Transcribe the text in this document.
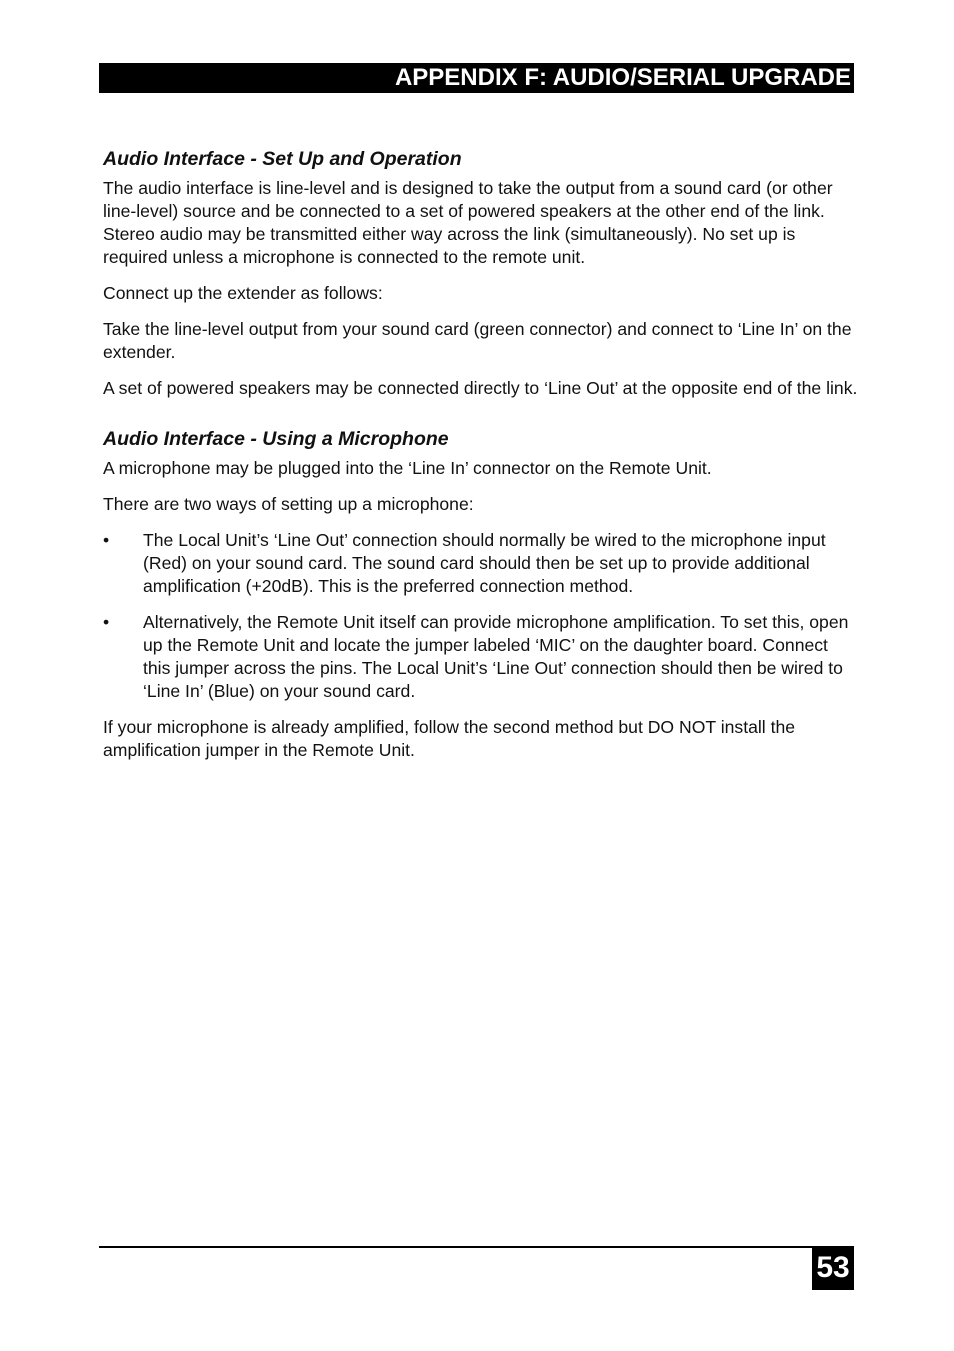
APPENDIX F: AUDIO/SERIAL UPGRADE
Audio Interface - Set Up and Operation

The audio interface is line-level and is designed to take the output from a sound card (or other line-level) source and be connected to a set of powered speakers at the other end of the link. Stereo audio may be transmitted either way across the link (simultaneously). No set up is required unless a microphone is connected to the remote unit.

Connect up the extender as follows:

Take the line-level output from your sound card (green connector) and connect to ‘Line In’ on the extender.

A set of powered speakers may be connected directly to ‘Line Out’ at the opposite end of the link.

Audio Interface - Using a Microphone

A microphone may be plugged into the ‘Line In’ connector on the Remote Unit.

There are two ways of setting up a microphone:

• The Local Unit’s ‘Line Out’ connection should normally be wired to the microphone input (Red) on your sound card. The sound card should then be set up to provide additional amplification (+20dB). This is the preferred connection method.
• Alternatively, the Remote Unit itself can provide microphone amplification. To set this, open up the Remote Unit and locate the jumper labeled ‘MIC’ on the daughter board. Connect this jumper across the pins. The Local Unit’s ‘Line Out’ connection should then be wired to ‘Line In’ (Blue) on your sound card.

If your microphone is already amplified, follow the second method but DO NOT install the amplification jumper in the Remote Unit.

53
